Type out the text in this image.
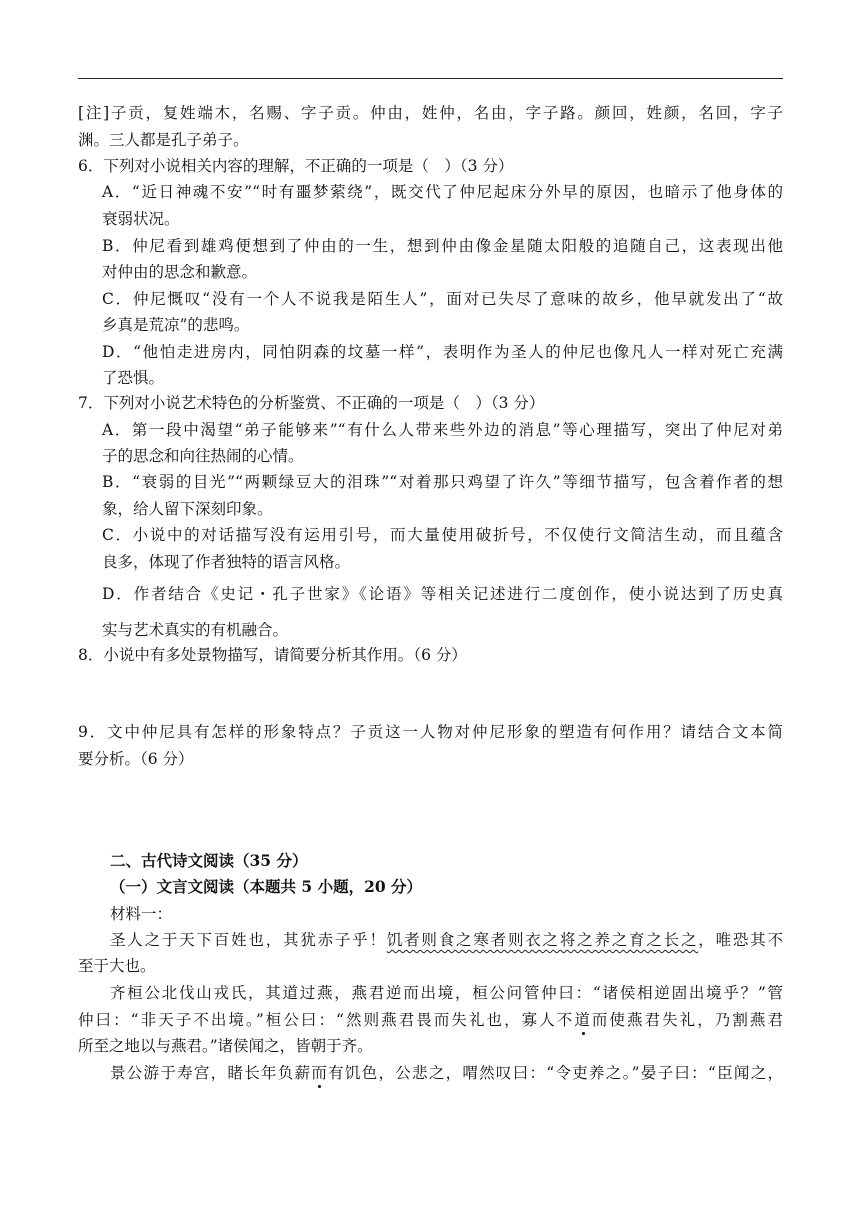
[注]子贡，复姓端木，名赐、字子贡。仲由，姓仲，名由，字子路。颜回，姓颜，名回，字子
渊。三人都是孔子弟子。
6．下列对小说相关内容的理解，不正确的一项是（　）（3 分）
A．“近日神魂不安”“时有噩梦萦绕”，既交代了仲尼起床分外早的原因，也暗示了他身体的
衰弱状况。
B．仲尼看到雄鸡便想到了仲由的一生，想到仲由像金星随太阳般的追随自己，这表现出他
对仲由的思念和歉意。
C．仲尼慨叹“没有一个人不说我是陌生人”，面对已失尽了意味的故乡，他早就发出了“故
乡真是荒凉”的悲鸣。
D．“他怕走进房内，同怕阴森的坟墓一样”，表明作为圣人的仲尼也像凡人一样对死亡充满
了恐惧。
7．下列对小说艺术特色的分析鉴赏、不正确的一项是（　）（3 分）
A．第一段中渴望“弟子能够来”“有什么人带来些外边的消息”等心理描写，突出了仲尼对弟
子的思念和向往热闹的心情。
B．“衰弱的目光”“两颗绿豆大的泪珠”“对着那只鸡望了许久”等细节描写，包含着作者的想
象，给人留下深刻印象。
C．小说中的对话描写没有运用引号，而大量使用破折号，不仅使行文简洁生动，而且蕴含
良多，体现了作者独特的语言风格。
D．作者结合《史记・孔子世家》《论语》等相关记述进行二度创作，使小说达到了历史真
实与艺术真实的有机融合。
8．小说中有多处景物描写，请简要分析其作用。（6 分）
9．文中仲尼具有怎样的形象特点？子贡这一人物对仲尼形象的塑造有何作用？请结合文本简
要分析。（6 分）
二、古代诗文阅读（35 分）
（一）文言文阅读（本题共 5 小题，20 分）
材料一：
圣人之于天下百姓也，其犹赤子乎！饥者则食之寒者则衣之将之养之育之长之，唯恐其不
至于大也。
齐桓公北伐山戎氏，其道过燕，燕君逆而出境，桓公问管仲曰：“诸侯相逆固出境乎？”管
仲曰：“非天子不出境。”桓公曰：“然则燕君畏而失礼也，寡人不道而使燕君失礼，乃割燕君
所至之地以与燕君。”诸侯闻之，皆朝于齐。
景公游于寿宫，睹长年负薪而有饥色，公悲之，喟然叹曰：“令吏养之。”晏子曰：“臣闻之，
